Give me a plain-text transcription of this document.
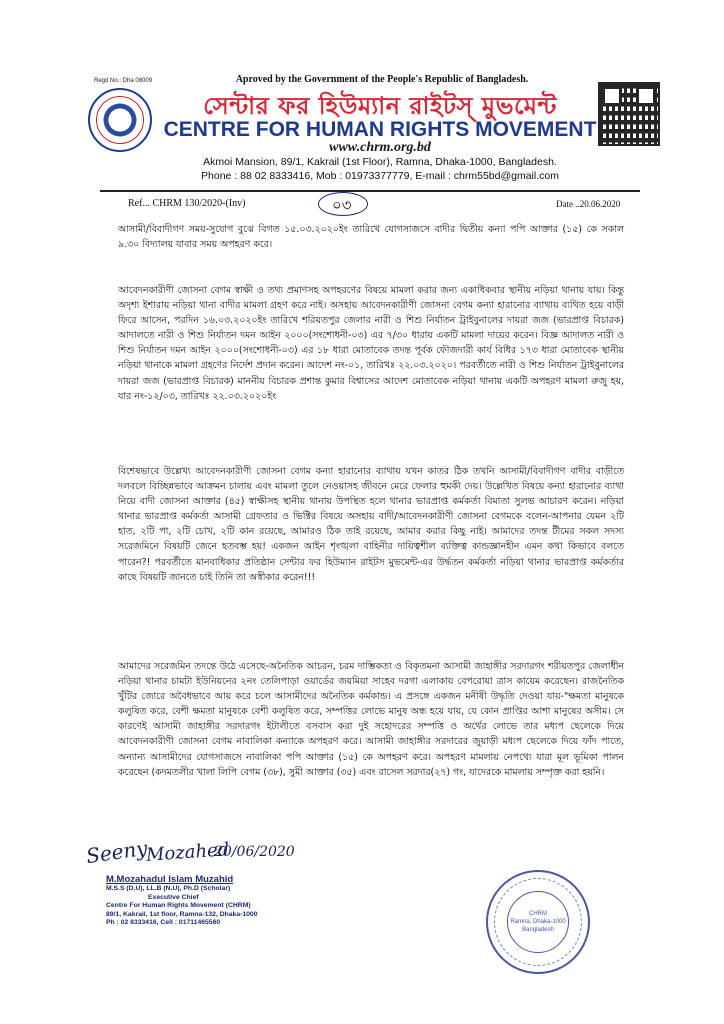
Regd No.: Dha 08009	Aproved by the Government of the People's Republic of Bangladesh.
সেন্টার ফর হিউম্যান রাইটস্‌ মুভমেন্ট
CENTRE FOR HUMAN RIGHTS MOVEMENT
www.chrm.org.bd
Akmoi Mansion, 89/1, Kakrail (1st Floor), Ramna, Dhaka-1000, Bangladesh.
Phone : 88 02 8333416, Mob : 01973377779, E-mail : chrm55bd@gmail.com
Ref... CHRM 130/2020-(Inv)	০৩	Date ..20.06.2020

আসামী/বিবাদীগণ সময়-সুযোগ বুঝে বিগত ১৫.০৩.২০২০ইং তারিখে যোগসাজসে বাদীর দ্বিতীয় কন্যা পপি আক্তার (১৫) কে সকাল ৯.৩০ বিদ্যালয় যাবার সময় অপহরণ করে।

আবেদনকারীণী জোসনা বেগম স্বাক্ষী ও তথ্য প্রমাণসহ অপহরণের বিষয়ে মামলা করার জন্য একাধিকবার স্থানীয় নড়িয়া থানায় যায়। কিন্তু অদৃশ্য ইশারায় নড়িয়া থানা বাদীর মামলা গ্রহণ করে নাই। অসহায় আবেদনকারীণী জোসনা বেগম কন্যা হারানোর ব্যাথায় ব্যথিত হয়ে বাড়ী ফিরে আসেন, পরদিন ১৬.০৩.২০২০ইং তারিখে শরিয়তপুর জেলার নারী ও শিশু নির্যাতন ট্রাইবুনালের দায়রা জজ (ভারপ্রাপ্ত বিচারক) আদালতে নারী ও শিশু নির্যাতন দমন আইন ২০০০(সংশোধনী-০৩) এর ৭/৩০ ধারায় একটি মামলা দায়ের করেন। বিজ্ঞ আদালত নারী ও শিশু নির্যাতন দমন আইন ২০০০(সংশোধনী-০৩) এর ১৮ ধারা মোতাবেক তদন্ত পূর্বক ফৌজদারী কার্য বিধির ১৭৩ ধারা মোতাবেক স্থানীয় নড়িয়া থানাকে মামলা গ্রহণের নির্দেশ প্রদান করেন। আদেশ নং-০১, তারিখঃ ২২.০৩.২০২০। পরবর্তীতে নারী ও শিশু নির্যাতন ট্রাইবুনালের দায়রা জজ (ভারপ্রাপ্ত বিচারক) মাননীয় বিচারক প্রশান্ত কুমার বিশ্বাসের আদেশ মোতাবেক নড়িয়া থানায় একটি অপহরণ মামলা রুজু হয়, যার নং-১২/০৩, তারিখঃ ২২.০৩.২০২০ইং

বিশেষভাবে উল্লেখ্য আবেদনকারীণী জোসনা বেগম কন্যা হারানোর ব্যাথায় যখন কাতর ঠিক তখনি আসামী/বিবাদীগণ বাদীর বাড়ীতে দলবলে বিচ্ছিন্নভাবে আক্রমন চালায় এবং মামলা তুলে নেওয়াসহ জীবনে মেরে ফেলার হুমকী দেয়। উল্লেখিত বিষয়ে কন্যা হারানোর ব্যাথা নিয়ে বাদী জোসনা আক্তার (৪৫) স্বাক্ষীসহ স্থানীয় থানায় উপস্থিত হলে থানার ভারপ্রাপ্ত কর্মকর্তা বিমাতা সুলভ আচারণ করেন। নড়িয়া থানার ভারপ্রাপ্ত কর্মকর্তা আসামী গ্রেফতার ও ভিক্টির বিষয়ে অসহায় বাদী/আবেদনকারীণী জোসনা বেগমকে বলেন-আপনার যেমন ২টি হাত, ২টি পা, ২টি চোখ, ২টি কান রয়েছে, আমারও ঠিক তাই রয়েছে, আমার করার কিছু নাই। আমাদের তদন্ত টীমের সকল সদস্য সরেজমিনে বিষয়টি জেনে হতবম্ভ হয়! একজন আইন শৃংঙ্খলা বাহিনীর দায়িত্বশীল ব্যক্তিত্ব কান্ডজ্ঞানহীন এমন কথা কিভাবে বলতে পারেন?! পরবর্তীতে মানবাধিকার প্রতিষ্ঠান সেন্টার ফর হিউম্যান রাইটস মুভমেন্ট-এর উর্দ্ধতন কর্মকর্তা নড়িয়া থানার ভারপ্রাপ্ত কর্মকর্তার কাছে বিষয়টি জানতে চাই তিনি তা অস্বীকার করেন!!!

আমাদের সরেজমিন তদন্তে উঠে এসেছে-অনৈতিক আচরন, চরম দাম্ভিকতা ও বিকৃতমনা আসামী জাহাঙ্গীর সরদারগং শরীয়তপুর জেলাধীন নড়িয়া থানার চামটা ইউনিয়নের ২নং তেলিপাড়া ওয়ার্ডের জয়মিয়া সাহেব দরগা এলাকায় বেপরোয়া ত্রাস কায়েম করেছেন। রাজনৈতিক খুঁটির জোরে অবৈধভাবে আয় করে চলে আসামীদের অনৈতিক কর্মকান্ড। এ প্রসঙ্গে একজন মনীষী উদ্ধৃতি দেওয়া যায়-"ক্ষমতা মানুষকে কলুষিত করে, বেশী ক্ষমতা মানুষকে বেশী কলুষিত করে, সম্পত্তির লোভে মানুষ অন্ধ হয়ে যায়, যে কোন প্রাপ্তির আশা মানুষের অসীম। সে কারণেই আসামী জাহাঙ্গীর সরদারগং ইটালীতে বসবাস করা দুই সহোদরের সম্পত্তি ও অর্থের লোভে তার মধ্যপ ছেলেকে দিয়ে আবেদনকারীণী জোসনা বেগম নাবালিকা কন্যাকে অপহরণ করে। আসামী জাহাঙ্গীর সরদারের জুয়াড়ী মধ্যপ ছেলেকে দিয়ে ফাঁদ পাতে, অন্যান্য আসামীদের যোগসাজসে নাবালিকা পপি আক্তার (১৫) কে অপহরণ করে। অপহরণ মামলায় নেপথ্যে যারা মূল ভূমিকা পালন করেছেন (কদমতলীর খালা লিপি বেগম (৩৮), সুমী আক্তার (৩৫) এবং রাসেল সরদার(২৭) গং, যাদেরকে মামলায় সম্পৃক্ত করা হয়নি।

Seeny
Mozahed
20/06/2020
M.Mozahadul Islam Muzahid
M.S.S (D.U), LL.B (N.U), Ph.D (Scholar)
Executive Chief
Centre For Human Rights Movement (CHRM)
89/1, Kakrail, 1st floor, Ramna-132, Dhaka-1000
Ph : 02 8333416, Cell : 01711465560
CHRM
Ramna, Dhaka-1000
Bangladesh
